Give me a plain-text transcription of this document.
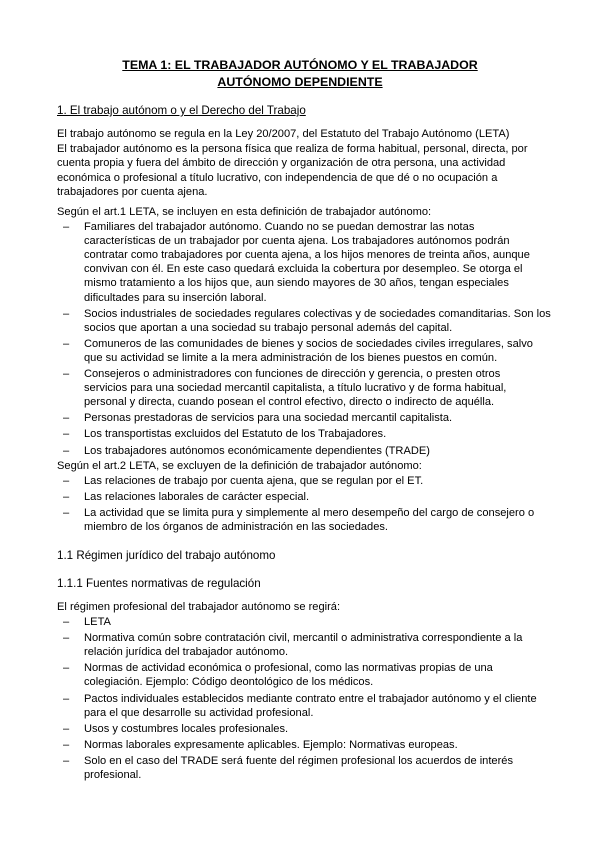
TEMA 1: EL TRABAJADOR AUTÓNOMO Y EL TRABAJADOR
AUTÓNOMO DEPENDIENTE
1. El trabajo autónom o y el Derecho del Trabajo
El trabajo autónomo se regula en la Ley 20/2007, del Estatuto del Trabajo Autónomo (LETA)
El trabajador autónomo es la persona física que realiza de forma habitual, personal, directa, por
cuenta propia y fuera del ámbito de dirección y organización de otra persona, una actividad
económica o profesional a título lucrativo, con independencia de que dé o no ocupación a
trabajadores por cuenta ajena.
Según el art.1 LETA, se incluyen en esta definición de trabajador autónomo:
– Familiares del trabajador autónomo. Cuando no se puedan demostrar las notas
características de un trabajador por cuenta ajena. Los trabajadores autónomos podrán
contratar como trabajadores por cuenta ajena, a los hijos menores de treinta años, aunque
convivan con él. En este caso quedará excluida la cobertura por desempleo. Se otorga el
mismo tratamiento a los hijos que, aun siendo mayores de 30 años, tengan especiales
dificultades para su inserción laboral.
– Socios industriales de sociedades regulares colectivas y de sociedades comanditarias. Son los
socios que aportan a una sociedad su trabajo personal además del capital.
– Comuneros de las comunidades de bienes y socios de sociedades civiles irregulares, salvo
que su actividad se limite a la mera administración de los bienes puestos en común.
– Consejeros o administradores con funciones de dirección y gerencia, o presten otros
servicios para una sociedad mercantil capitalista, a título lucrativo y de forma habitual,
personal y directa, cuando posean el control efectivo, directo o indirecto de aquélla.
– Personas prestadoras de servicios para una sociedad mercantil capitalista.
– Los transportistas excluidos del Estatuto de los Trabajadores.
– Los trabajadores autónomos económicamente dependientes (TRADE)
Según el art.2 LETA, se excluyen de la definición de trabajador autónomo:
– Las relaciones de trabajo por cuenta ajena, que se regulan por el ET.
– Las relaciones laborales de carácter especial.
– La actividad que se limita pura y simplemente al mero desempeño del cargo de consejero o
miembro de los órganos de administración en las sociedades.
1.1 Régimen jurídico del trabajo autónomo
1.1.1 Fuentes normativas de regulación
El régimen profesional del trabajador autónomo se regirá:
– LETA
– Normativa común sobre contratación civil, mercantil o administrativa correspondiente a la
relación jurídica del trabajador autónomo.
– Normas de actividad económica o profesional, como las normativas propias de una
colegiación. Ejemplo: Código deontológico de los médicos.
– Pactos individuales establecidos mediante contrato entre el trabajador autónomo y el cliente
para el que desarrolle su actividad profesional.
– Usos y costumbres locales profesionales.
– Normas laborales expresamente aplicables. Ejemplo: Normativas europeas.
– Solo en el caso del TRADE será fuente del régimen profesional los acuerdos de interés
profesional.
